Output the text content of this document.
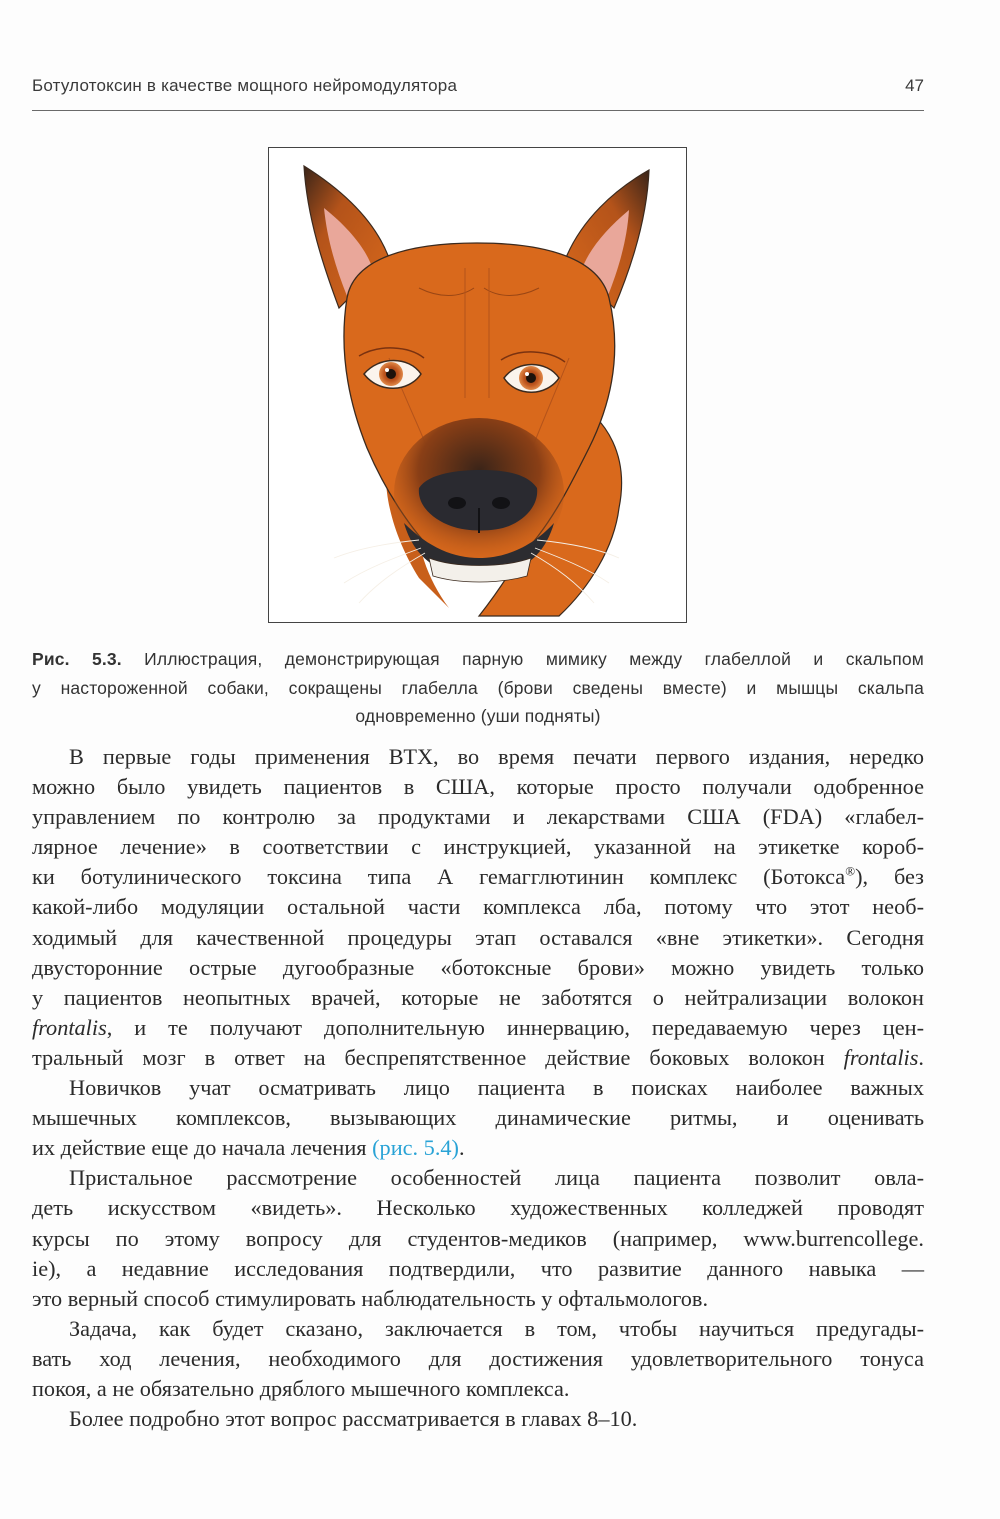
Ботулотоксин в качестве мощного нейромодулятора	47
Рис. 5.3. Иллюстрация, демонстрирующая парную мимику между глабеллой и скальпом
у настороженной собаки, сокращены глабелла (брови сведены вместе) и мышцы скальпа
одновременно (уши подняты)
В первые годы применения ВТХ, во время печати первого издания, нередко
можно было увидеть пациентов в США, которые просто получали одобренное
управлением по контролю за продуктами и лекарствами США (FDA) «глабел-
лярное лечение» в соответствии с инструкцией, указанной на этикетке короб-
ки ботулинического токсина типа А гемагглютинин комплекс (Ботокса®), без
какой-либо модуляции остальной части комплекса лба, потому что этот необ-
ходимый для качественной процедуры этап оставался «вне этикетки». Сегодня
двусторонние острые дугообразные «ботоксные брови» можно увидеть только
у пациентов неопытных врачей, которые не заботятся о нейтрализации волокон
frontalis, и те получают дополнительную иннервацию, передаваемую через цен-
тральный мозг в ответ на беспрепятственное действие боковых волокон frontalis.
Новичков учат осматривать лицо пациента в поисках наиболее важных
мышечных комплексов, вызывающих динамические ритмы, и оценивать
их действие еще до начала лечения (рис. 5.4).
Пристальное рассмотрение особенностей лица пациента позволит овла-
деть искусством «видеть». Несколько художественных колледжей проводят
курсы по этому вопросу для студентов-медиков (например, www.burrencollege.
ie), а недавние исследования подтвердили, что развитие данного навыка —
это верный способ стимулировать наблюдательность у офтальмологов.
Задача, как будет сказано, заключается в том, чтобы научиться предугады-
вать ход лечения, необходимого для достижения удовлетворительного тонуса
покоя, а не обязательно дряблого мышечного комплекса.
Более подробно этот вопрос рассматривается в главах 8–10.
